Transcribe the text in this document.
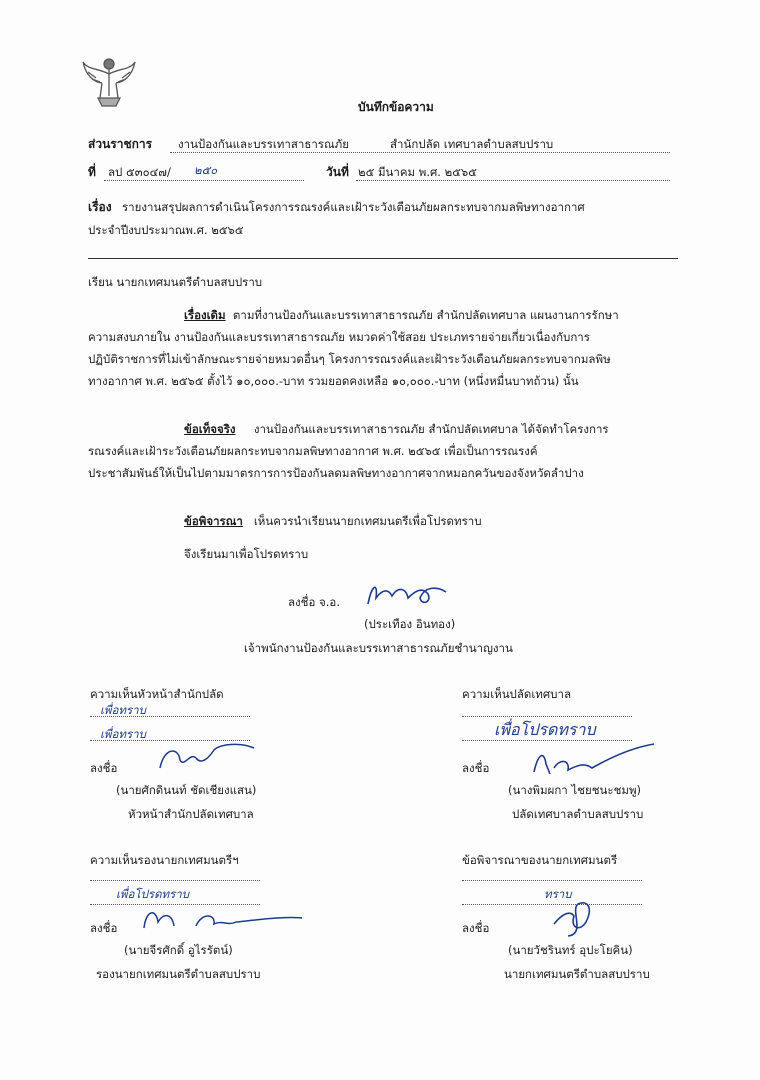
บันทึกข้อความ
ส่วนราชการ งานป้องกันและบรรเทาสาธารณภัย	สำนักปลัด เทศบาลตำบลสบปราบ
ที่ ลป ๕๓๐๔๗/ ๒๕๐	วันที่ ๒๕ มีนาคม พ.ศ. ๒๕๖๕
เรื่อง รายงานสรุปผลการดำเนินโครงการรณรงค์และเฝ้าระวังเตือนภัยผลกระทบจากมลพิษทางอากาศ
ประจำปีงบประมาณพ.ศ. ๒๕๖๕
เรียน นายกเทศมนตรีตำบลสบปราบ
เรื่องเดิม ตามที่งานป้องกันและบรรเทาสาธารณภัย สำนักปลัดเทศบาล แผนงานการรักษา
ความสงบภายใน งานป้องกันและบรรเทาสาธารณภัย หมวดค่าใช้สอย ประเภทรายจ่ายเกี่ยวเนื่องกับการ
ปฏิบัติราชการที่ไม่เข้าลักษณะรายจ่ายหมวดอื่นๆ โครงการรณรงค์และเฝ้าระวังเตือนภัยผลกระทบจากมลพิษ
ทางอากาศ พ.ศ. ๒๕๖๕ ตั้งไว้ ๑๐,๐๐๐.-บาท รวมยอดคงเหลือ ๑๐,๐๐๐.-บาท (หนึ่งหมื่นบาทถ้วน) นั้น
ข้อเท็จจริง งานป้องกันและบรรเทาสาธารณภัย สำนักปลัดเทศบาล ได้จัดทำโครงการ
รณรงค์และเฝ้าระวังเตือนภัยผลกระทบจากมลพิษทางอากาศ พ.ศ. ๒๕๖๕ เพื่อเป็นการรณรงค์
ประชาสัมพันธ์ให้เป็นไปตามมาตรการการป้องกันลดมลพิษทางอากาศจากหมอกควันของจังหวัดลำปาง
ข้อพิจารณา เห็นควรนำเรียนนายกเทศมนตรีเพื่อโปรดทราบ
จึงเรียนมาเพื่อโปรดทราบ
ลงชื่อ จ.อ.
(ประเทือง อินทอง)
เจ้าพนักงานป้องกันและบรรเทาสาธารณภัยชำนาญงาน
ความเห็นหัวหน้าสำนักปลัด
เพื่อทราบ
เพื่อทราบ
ลงชื่อ
(นายศักดินนท์ ชัดเชียงแสน)
หัวหน้าสำนักปลัดเทศบาล
ความเห็นปลัดเทศบาล
เพื่อโปรดทราบ
ลงชื่อ
(นางพิมผกา ไชยชนะชมพู)
ปลัดเทศบาลตำบลสบปราบ
ความเห็นรองนายกเทศมนตรีฯ
เพื่อโปรดทราบ
ลงชื่อ
(นายจีรศักดิ์ อูไรรัตน์)
รองนายกเทศมนตรีตำบลสบปราบ
ข้อพิจารณาของนายกเทศมนตรี
ทราบ
ลงชื่อ
(นายวัชรินทร์ อุปะโยคิน)
นายกเทศมนตรีตำบลสบปราบ
